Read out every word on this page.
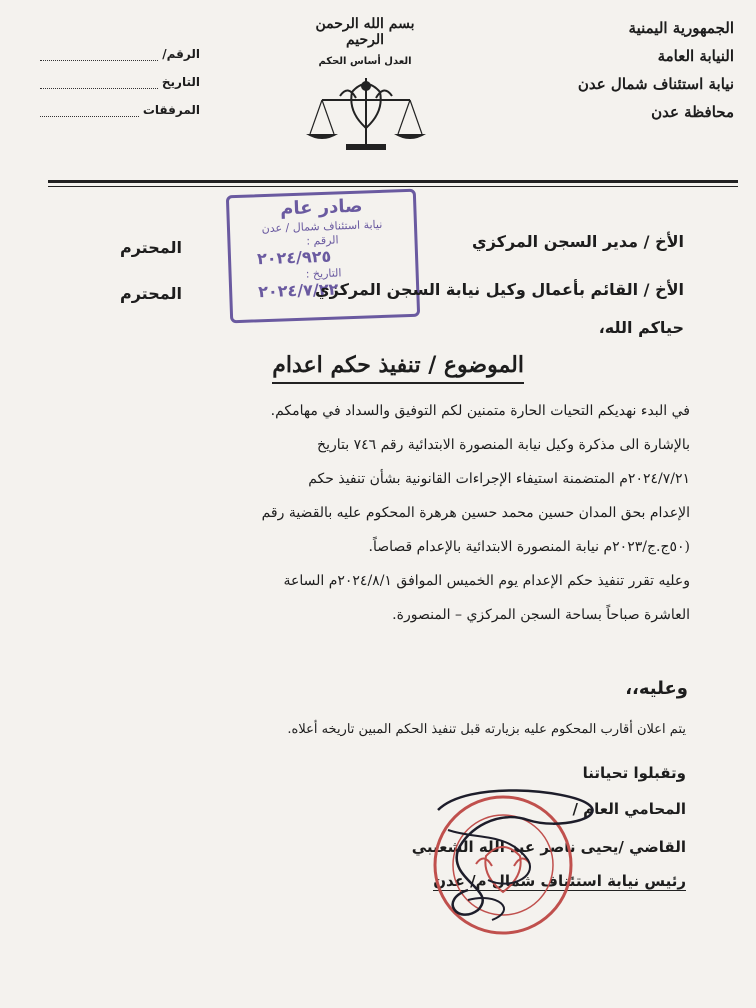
الجمهورية اليمنية
النيابة العامة
نيابة استئناف شمال عدن
محافظة عدن
الرقم/
التاريخ
المرفقات
بسم الله الرحمن الرحيم
العدل أساس الحكم
صادر عام
نيابة استئناف شمال / عدن
الرقم :
٢٠٢٤/٩٢٥
التاريخ :
٢٠٢٤/٧/٢٢
الأخ / مدير السجن المركزي
المحترم
الأخ / القائم بأعمال وكيل نيابة السجن المركزي
المحترم
حياكم الله،
الموضوع / تنفيذ حكم اعدام
في البدء نهديكم التحيات الحارة متمنين لكم التوفيق والسداد في مهامكم.
بالإشارة الى مذكرة وكيل نيابة المنصورة الابتدائية رقم ٧٤٦ بتاريخ
٢٠٢٤/٧/٢١م المتضمنة استيفاء الإجراءات القانونية بشأن تنفيذ حكم
الإعدام بحق المدان حسين محمد حسين هرهرة المحكوم عليه بالقضية رقم
(٥٠ج.ج/٢٠٢٣م نيابة المنصورة الابتدائية بالإعدام قصاصاً.
وعليه تقرر تنفيذ حكم الإعدام يوم الخميس الموافق ٢٠٢٤/٨/١م الساعة
العاشرة صباحاً بساحة السجن المركزي – المنصورة.
وعليه،،
يتم اعلان أقارب المحكوم عليه بزيارته قبل تنفيذ الحكم المبين تاريخه أعلاه.
وتقبلوا تحياتنا
المحامي العام /
القاضي /يحيى ناصر عبد الله الشعيبي
رئيس نيابة استئناف شمال م/ عدن
